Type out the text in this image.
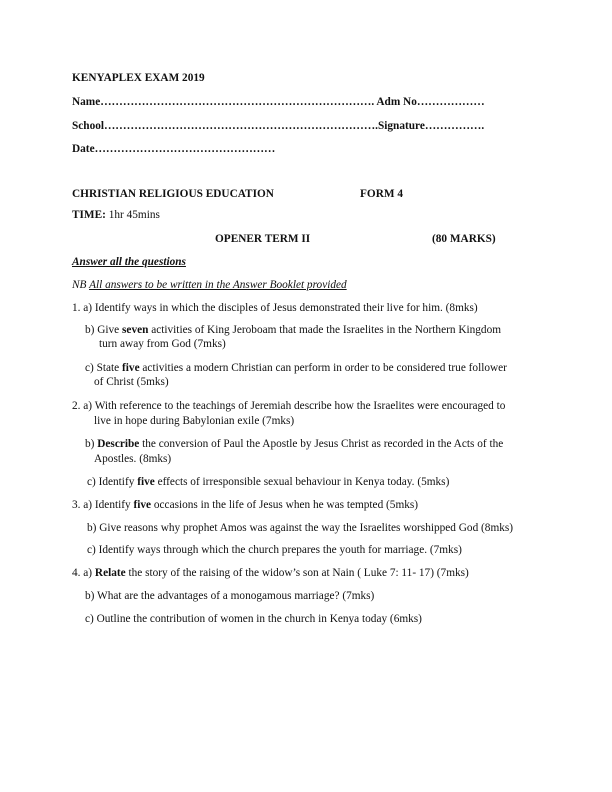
KENYAPLEX EXAM 2019
Name………………………………………………………………. Adm No………………
School……………………………………………………………….Signature…………….
Date…………………………………………
CHRISTIAN RELIGIOUS EDUCATION	FORM 4
TIME: 1hr 45mins
OPENER TERM II	(80 MARKS)
Answer all the questions
NB All answers to be written in the Answer Booklet provided
1. a) Identify ways in which the disciples of Jesus demonstrated their live for him. (8mks)
b) Give seven activities of King Jeroboam that made the Israelites in the Northern Kingdom
turn away from God (7mks)
c) State five activities a modern Christian can perform in order to be considered true follower
of Christ (5mks)
2. a) With reference to the teachings of Jeremiah describe how the Israelites were encouraged to
live in hope during Babylonian exile (7mks)
b) Describe the conversion of Paul the Apostle by Jesus Christ as recorded in the Acts of the
Apostles. (8mks)
c) Identify five effects of irresponsible sexual behaviour in Kenya today. (5mks)
3. a) Identify five occasions in the life of Jesus when he was tempted (5mks)
b) Give reasons why prophet Amos was against the way the Israelites worshipped God (8mks)
c) Identify ways through which the church prepares the youth for marriage. (7mks)
4. a) Relate the story of the raising of the widow’s son at Nain ( Luke 7: 11- 17) (7mks)
b) What are the advantages of a monogamous marriage? (7mks)
c) Outline the contribution of women in the church in Kenya today (6mks)
